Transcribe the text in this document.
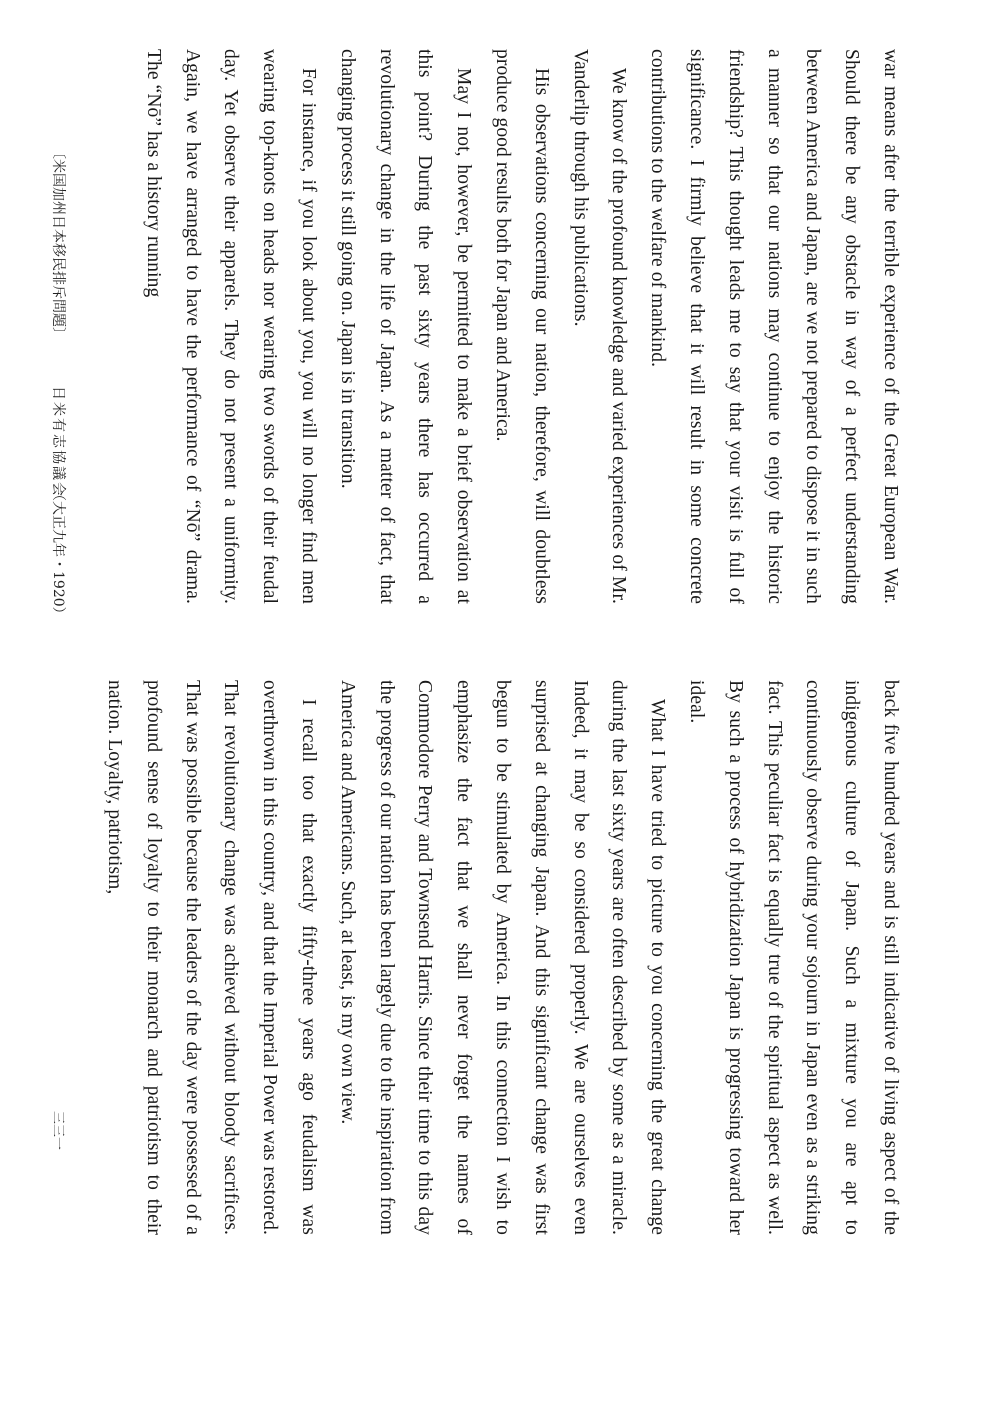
war means after the terrible experience of the Great European War. Should there be any obstacle in way of a perfect understanding between America and Japan, are we not prepared to dispose it in such a manner so that our nations may continue to enjoy the historic friendship? This thought leads me to say that your visit is full of significance. I firmly believe that it will result in some concrete contributions to the welfare of mankind.

We know of the profound knowledge and varied experiences of Mr. Vanderlip through his publications.

His observations concerning our nation, therefore, will doubtless produce good results both for Japan and America.

May I not, however, be permitted to make a brief observation at this point? During the past sixty years there has occurred a revolutionary change in the life of Japan. As a matter of fact, that changing process it still going on. Japan is in transition.

For instance, if you look about you, you will no longer find men wearing top-knots on heads nor wearing two swords of their feudal day. Yet observe their apparels. They do not present a uniformity. Again, we have arranged to have the performance of “Nō” drama. The “Nō” has a history running

back five hundred years and is still indicative of living aspect of the indigenous culture of Japan. Such a mixture you are apt to continuously observe during your sojourn in Japan even as a striking fact. This peculiar fact is equally true of the spiritual aspect as well. By such a process of hybridization Japan is progressing toward her ideal.

What I have tried to picture to you concerning the great change during the last sixty years are often described by some as a miracle. Indeed, it may be so considered properly. We are ourselves even surprised at changing Japan. And this significant change was first begun to be stimulated by America. In this connection I wish to emphasize the fact that we shall never forget the names of Commodore Perry and Townsend Harris. Since their time to this day the progress of our nation has been largely due to the inspiration from America and Americans. Such, at least, is my own view.

I recall too that exactly fifty-three years ago feudalism was overthrown in this country, and that the Imperial Power was restored. That revolutionary change was achieved without bloody sacrifices. That was possible because the leaders of the day were possessed of a profound sense of loyalty to their monarch and patriotism to their nation. Loyalty, patriotism,

〔米国加州日本移民排斥問題〕
日米有志協議会
（大正九年・1920）
三三一
